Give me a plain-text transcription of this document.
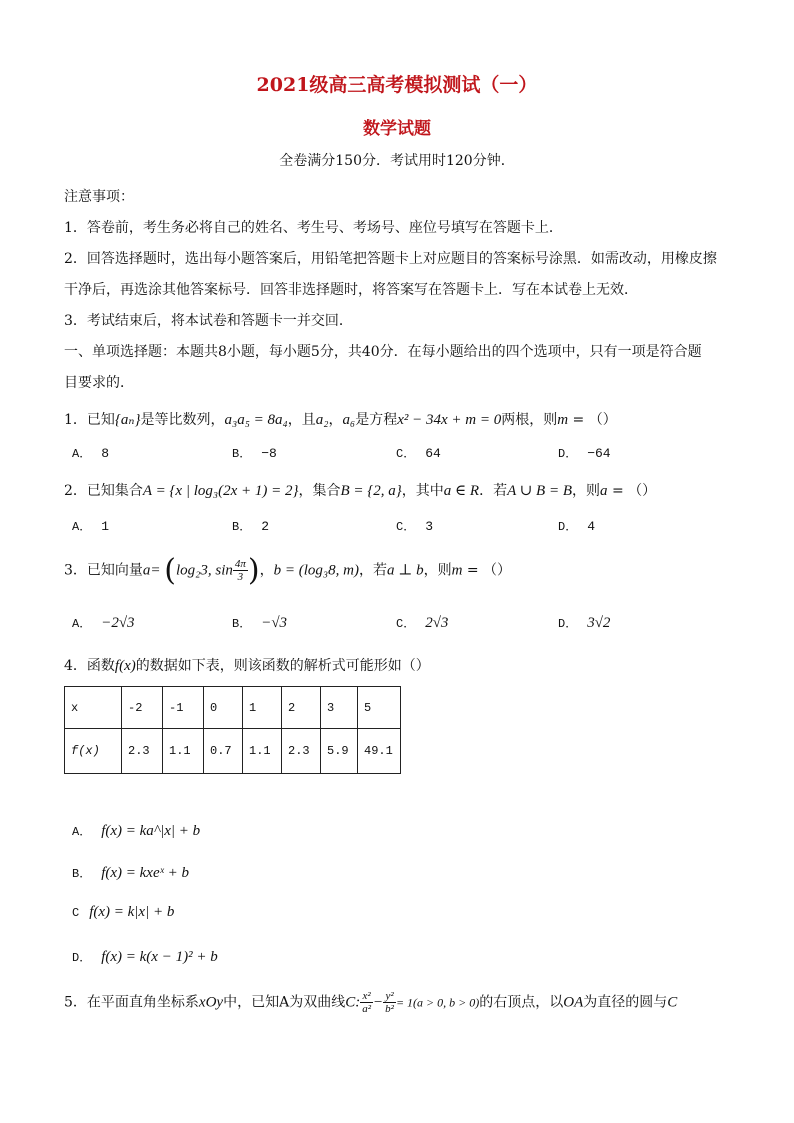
2021级高三高考模拟测试（一）
数学试题
全卷满分150分．考试用时120分钟．
注意事项：
1．答卷前，考生务必将自己的姓名、考生号、考场号、座位号填写在答题卡上．
2．回答选择题时，选出每小题答案后，用铅笔把答题卡上对应题目的答案标号涂黑．如需改动，用橡皮擦
干净后，再选涂其他答案标号．回答非选择题时，将答案写在答题卡上．写在本试卷上无效．
3．考试结束后，将本试卷和答题卡一并交回．
一、单项选择题：本题共8小题，每小题5分，共40分．在每小题给出的四个选项中，只有一项是符合题
目要求的．
1．已知{aₙ}是等比数列，a₃a₅ = 8a₄，且a₂，a₆是方程x² − 34x + m = 0两根，则m = （）
A． 8	B． −8	C． 64	D． −64
2．已知集合A = {x | log₃(2x + 1) = 2}，集合B = {2, a}，其中a ∈ R．若A ∪ B = B，则a = （）
A． 1	B． 2	C． 3	D． 4
3．已知向量a= (log₂3, $\sin \frac{4\pi}{3}$ )，b = (log₃8, m)，若a ⊥ b，则m = （）
A． −2√3	B． −√3	C． 2√3	D． 3√2
4．函数f(x)的数据如下表，则该函数的解析式可能形如（）
x	-2	-1	0	1	2	3	5
f(x)	2.3	1.1	0.7	1.1	2.3	5.9	49.1
A． f(x) = ka^|x| + b
B． f(x) = kxeˣ + b
C f(x) = k|x| + b
D． f(x) = k(x − 1)² + b
5．在平面直角坐标系xOy中，已知A为双曲线C: $\frac{\text{x²}}{\text{a²}} - \frac{\text{y²}}{\text{b²}} = 1(a > 0$, b > 0)的右顶点，以OA为直径的圆与C
